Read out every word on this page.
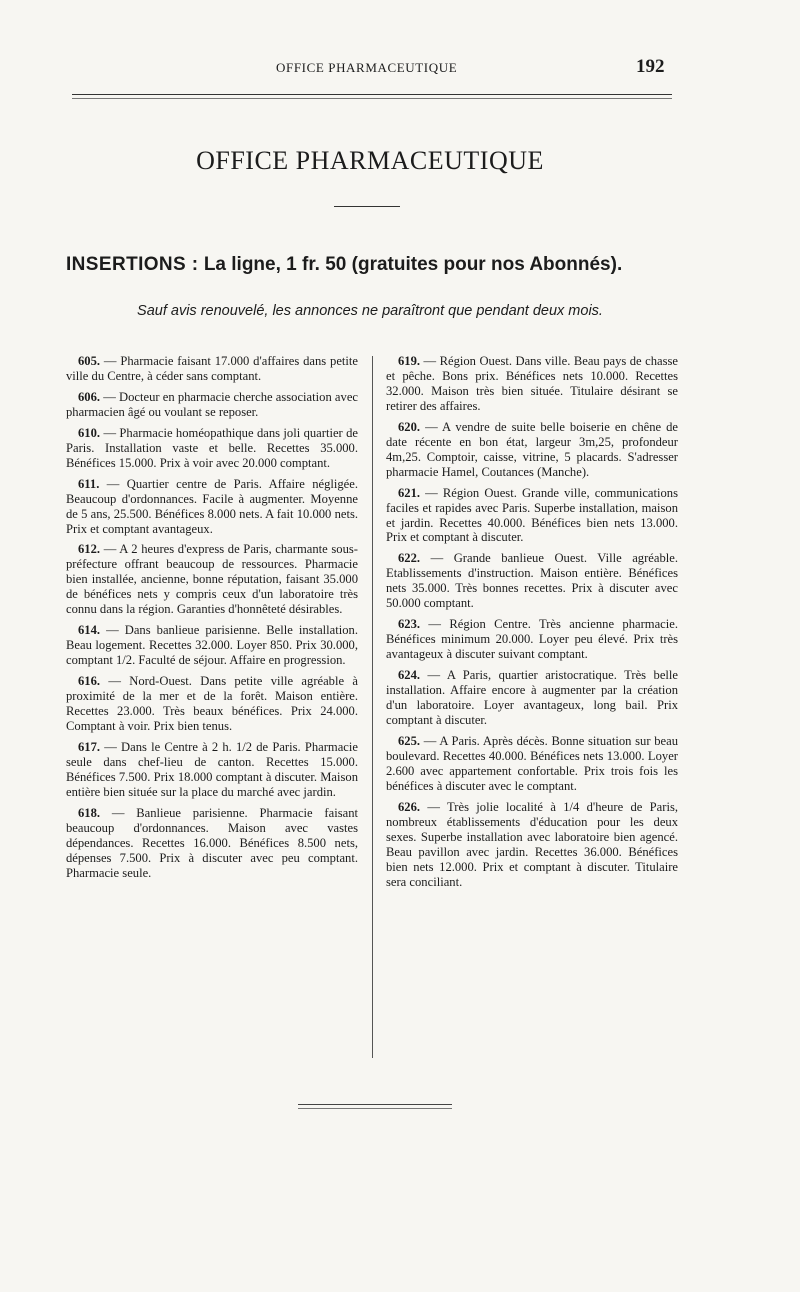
OFFICE PHARMACEUTIQUE	192
OFFICE PHARMACEUTIQUE
INSERTIONS : La ligne, 1 fr. 50 (gratuites pour nos Abonnés).
Sauf avis renouvelé, les annonces ne paraîtront que pendant deux mois.

605. — Pharmacie faisant 17.000 d'affaires dans petite ville du Centre, à céder sans comptant.

606. — Docteur en pharmacie cherche association avec pharmacien âgé ou voulant se reposer.

610. — Pharmacie homéopathique dans joli quartier de Paris. Installation vaste et belle. Recettes 35.000. Bénéfices 15.000. Prix à voir avec 20.000 comptant.

611. — Quartier centre de Paris. Affaire négligée. Beaucoup d'ordonnances. Facile à augmenter. Moyenne de 5 ans, 25.500. Bénéfices 8.000 nets. A fait 10.000 nets. Prix et comptant avantageux.

612. — A 2 heures d'express de Paris, charmante sous-préfecture offrant beaucoup de ressources. Pharmacie bien installée, ancienne, bonne réputation, faisant 35.000 de bénéfices nets y compris ceux d'un laboratoire très connu dans la région. Garanties d'honnêteté désirables.

614. — Dans banlieue parisienne. Belle installation. Beau logement. Recettes 32.000. Loyer 850. Prix 30.000, comptant 1/2. Faculté de séjour. Affaire en progression.

616. — Nord-Ouest. Dans petite ville agréable à proximité de la mer et de la forêt. Maison entière. Recettes 23.000. Très beaux bénéfices. Prix 24.000. Comptant à voir. Prix bien tenus.

617. — Dans le Centre à 2 h. 1/2 de Paris. Pharmacie seule dans chef-lieu de canton. Recettes 15.000. Bénéfices 7.500. Prix 18.000 comptant à discuter. Maison entière bien située sur la place du marché avec jardin.

618. — Banlieue parisienne. Pharmacie faisant beaucoup d'ordonnances. Maison avec vastes dépendances. Recettes 16.000. Bénéfices 8.500 nets, dépenses 7.500. Prix à discuter avec peu comptant. Pharmacie seule.

619. — Région Ouest. Dans ville. Beau pays de chasse et pêche. Bons prix. Bénéfices nets 10.000. Recettes 32.000. Maison très bien située. Titulaire désirant se retirer des affaires.

620. — A vendre de suite belle boiserie en chêne de date récente en bon état, largeur 3m,25, profondeur 4m,25. Comptoir, caisse, vitrine, 5 placards. S'adresser pharmacie Hamel, Coutances (Manche).

621. — Région Ouest. Grande ville, communications faciles et rapides avec Paris. Superbe installation, maison et jardin. Recettes 40.000. Bénéfices bien nets 13.000. Prix et comptant à discuter.

622. — Grande banlieue Ouest. Ville agréable. Etablissements d'instruction. Maison entière. Bénéfices nets 35.000. Très bonnes recettes. Prix à discuter avec 50.000 comptant.

623. — Région Centre. Très ancienne pharmacie. Bénéfices minimum 20.000. Loyer peu élevé. Prix très avantageux à discuter suivant comptant.

624. — A Paris, quartier aristocratique. Très belle installation. Affaire encore à augmenter par la création d'un laboratoire. Loyer avantageux, long bail. Prix comptant à discuter.

625. — A Paris. Après décès. Bonne situation sur beau boulevard. Recettes 40.000. Bénéfices nets 13.000. Loyer 2.600 avec appartement confortable. Prix trois fois les bénéfices à discuter avec le comptant.

626. — Très jolie localité à 1/4 d'heure de Paris, nombreux établissements d'éducation pour les deux sexes. Superbe installation avec laboratoire bien agencé. Beau pavillon avec jardin. Recettes 36.000. Bénéfices bien nets 12.000. Prix et comptant à discuter. Titulaire sera conciliant.
